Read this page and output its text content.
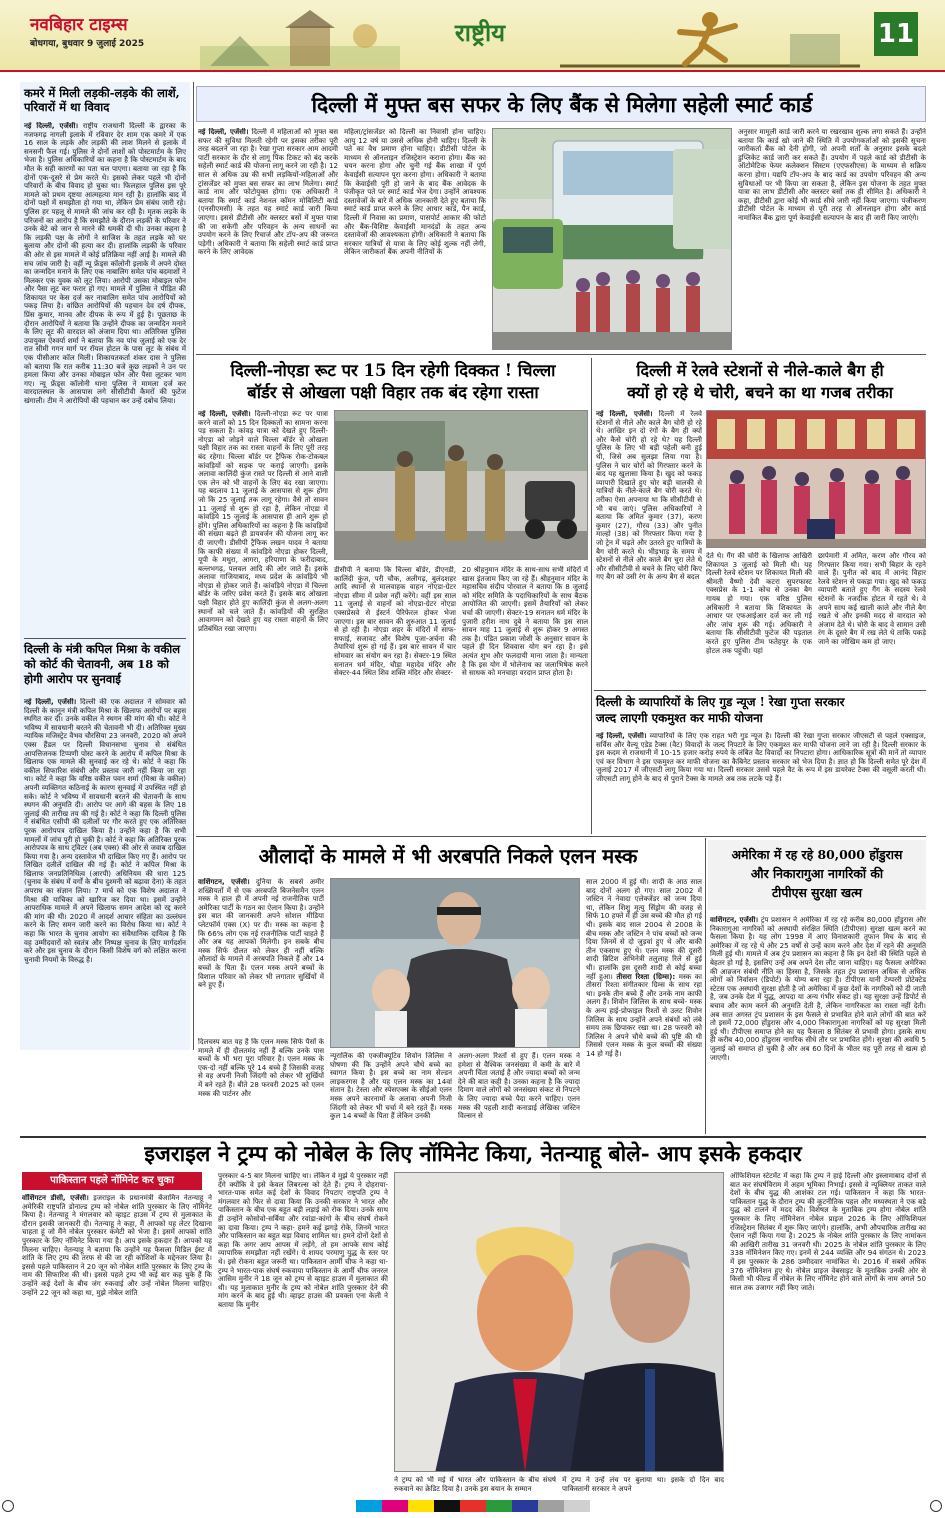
नवबिहार टाइम्स
बोधगया, बुधवार 9 जुलाई 2025	राष्ट्रीय	11
कमरे में मिली लड़की-लड़के की लाशें, परिवारों में था विवाद
नई दिल्ली, एजेंसी। राष्ट्रीय राजधानी दिल्ली के द्वारका के नजफगढ़ नागली इलाके में रविवार देर शाम एक कमरे में एक 16 साल के लड़के और लड़की की लाश मिलने से इलाके में सनसनी फैल गई। पुलिस ने दोनों लाशों को पोस्टमार्टम के लिए भेजा है। पुलिस अधिकारियों का कहना है कि पोस्टमार्टम के बाद मौत के सही कारणों का पता चल पाएगा। बताया जा रहा है कि दोनों एक-दूसरे से प्रेम करते थे। इसको लेकर पहले भी दोनों परिवारों के बीच विवाद हो चुका था। फिलहाल पुलिस इस पूरे मामले को प्रथम दृष्टया आत्महत्या मान रही है। हालांकि बाद में दोनों पक्षों में समझौता हो गया था, लेकिन प्रेम संबंध जारी रहे। पुलिस हर पहलू से मामले की जांच कर रही है। मृतक लड़के के परिजनों का आरोप है कि समझौते के दौरान लड़की के परिवार ने उनके बेटे को जान से मारने की धमकी दी थी। उनका कहना है कि लड़की पक्ष के लोगों ने साजिश के तहत लड़के को घर बुलाया और दोनों की हत्या कर दी। हालांकि लड़की के परिवार की ओर से इस मामले में कोई प्रतिक्रिया नहीं आई है। मामले की सच जांच जारी है। वहीं न्यू फ्रेंड्स कॉलोनी इलाके में अपने दोस्त का जन्मदिन मनाने के लिए एक नाबालिग समेत पांच बदमाशों ने मिलकर एक युवक को लूट लिया। आरोपी उसका मोबाइल फोन और पैसा लूट कर फरार हो गए। मामले में पुलिस ने पीड़ित की शिकायत पर केस दर्ज कर नाबालिग समेत पांच आरोपियों को पकड़ लिया है। वांछित आरोपियों की पहचान देव दर्ष दीपक, प्रिंस कुमार, मानव और दीपक के रूप में हुई है। पूछताछ के दौरान आरोपियों ने बताया कि उन्होंने दीपक का जन्मदिन मनाने के लिए लूट की वारदात को अंजाम दिया था। अतिरिक्त पुलिस उपायुक्त ऐश्वर्या शर्मा ने बताया कि नव पांच जुलाई को एक देर रात सीमी गगन मार्ग पर रॉयल होटल के पास लूट के संबंध में एक पीसीआर कॉल मिली। शिकायतकर्ता शंकर दास ने पुलिस को बताया कि रात करीब 11:30 बजे कुछ लड़कों ने उन पर हमला किया और उनका मोबाइल फोन और पैसा लूटकर भाग गए। न्यू फ्रेंड्स कॉलोनी थाना पुलिस ने मामला दर्ज कर वारदातस्थल के आसपास लगे सीसीटीवी कैमरों की फुटेज खंगाली। टीम ने आरोपियों की पहचान कर उन्हें दबोच लिया।
दिल्ली के मंत्री कपिल मिश्रा के वकील को कोर्ट की चेतावनी, अब 18 को होगी आरोप पर सुनवाई
नई दिल्ली, एजेंसी। दिल्ली की एक अदालत ने सोमवार को दिल्ली के कानून मंत्री कपिल मिश्रा के खिलाफ आरोपों पर बहस स्थगित कर दी। उनके वकील ने स्थगन की मांग की थी। कोर्ट ने भविष्य में सावधानी बरतने की चेतावनी भी दी। अतिरिक्त मुख्य न्यायिक मजिस्ट्रेट वैभव चौरसिया 23 जनवरी, 2020 को अपने एक्स हैंडल पर दिल्ली विधानसभा चुनाव से संबंधित आपत्तिजनक टिप्पणी पोस्ट करने के आरोप में कपिल मिश्रा के खिलाफ एक मामले की सुनवाई कर रहे थे। कोर्ट ने कहा कि वकील सिफारिश संबंधी और प्रस्ताव जारी नहीं किया जा रहा था। कोर्ट ने कहा कि वरिष्ठ वकील पवन शर्मा (मिश्रा के वकील) अपनी व्यक्तिगत कठिनाई के कारण सुनवाई में उपस्थित नहीं हो सके। कोर्ट ने भविष्य में सावधानी बरतने की चेतावनी के साथ स्थगन की अनुमति दी। आरोप पर आगे की बहस के लिए 18 जुलाई की तारीख तय की गई है। कोर्ट ने कहा कि दिल्ली पुलिस ने संबंधित एसीपी की दलीलों पर गौर करते हुए एक अतिरिक्त पूरक आरोपपत्र दाखिल किया है। उन्होंने कहा है कि सभी मामलों में जांच पूरी हो चुकी है। कोर्ट ने कहा कि अतिरिक्त पूरक आरोपपत्र के साथ ट्विटर (अब एक्स) की ओर से जवाब दाखिल किया गया है। अन्य दस्तावेज भी दाखिल किए गए हैं। आरोप पर लिखित दलीलें दाखिल की गई हैं। कोर्ट ने कपिल मिश्रा के खिलाफ जनप्रतिनिधित्व (आरपी) अधिनियम की धारा 125 (चुनाव के संबंध में वर्गों के बीच दुश्मनी को बढ़ावा देना) के तहत अपराध का संज्ञान लिया। 7 मार्च को एक विशेष अदालत ने मिश्रा की याचिका को खारिज कर दिया था। इसमें उन्होंने आपराधिक मामले में अपने खिलाफ समन आदेश को रद्द करने की मांग की थी। 2020 में आदर्श आचार संहिता का उल्लंघन करने के लिए समन जारी करने का विरोध किया था। कोर्ट ने कहा कि भारत के चुनाव आयोग का संवैधानिक दायित्व है कि वह उम्मीदवारों को स्वतंत्र और निष्पक्ष चुनाव के लिए मार्गदर्शन करे और इस चुनाव के दौरान किसी विशेष वर्ग को लक्षित करना चुनावी नियमों के विरुद्ध है।
दिल्ली में मुफ्त बस सफर के लिए बैंक से मिलेगा सहेली स्मार्ट कार्ड
नई दिल्ली, एजेंसी। दिल्ली में महिलाओं को मुफ्त बस सफर की सुविधा मिलती रहेगी पर इसका तरीका पूरी तरह बदलने जा रहा है। रेखा गुप्ता सरकार आम आदमी पार्टी सरकार के दौर से लागू पिंक टिकट को बंद करके सहेली स्मार्ट कार्ड की योजना लागू करने जा रही है। 12 साल से अधिक उम्र की सभी लड़कियों-महिलाओं और ट्रांसजेंडर को मुफ्त बस सफर का लाभ मिलेगा। स्मार्ट कार्ड नाम और फोटोयुक्त होगा। एक अधिकारी ने बताया कि स्मार्ट कार्ड नेशनल कॉमन मोबिलिटी कार्ड (एनसीएमसी) के तहत यह स्मार्ट कार्ड जारी किया जाएगा। इससे डीटीसी और क्लस्टर बसों में मुफ्त यात्रा की जा सकेगी और परिवहन के अन्य साधनों का उपयोग करने के लिए रिचार्ज और टॉप-अप की जरूरत पड़ेगी। अधिकारी ने बताया कि सहेली स्मार्ट कार्ड प्राप्त करने के लिए आवेदक
महिला/ट्रांसजेंडर को दिल्ली का निवासी होना चाहिए। आयु 12 वर्ष या उससे अधिक होनी चाहिए। दिल्ली के पते का वैध प्रमाण होना चाहिए। डीटीसी पोर्टल के माध्यम से ऑनलाइन रजिस्ट्रेशन कराना होगा। बैंक का चयन करना होगा और चुनी गई बैंक शाखा में पूर्ण केवाईसी सत्यापन पूरा करना होगा। अधिकारी ने बताया कि केवाईसी पूरी हो जाने के बाद बैंक आवेदक के पंजीकृत पते पर स्मार्ट कार्ड भेज देगा। उन्होंने आवश्यक दस्तावेजों के बारे में अधिक जानकारी देते हुए बताया कि स्मार्ट कार्ड प्राप्त करने के लिए आधार कार्ड, पैन कार्ड, दिल्ली में निवास का प्रमाण, पासपोर्ट आकार की फोटो और बैंक-विशिष्ट केवाईसी मानदंडों के तहत अन्य दस्तावेजों की आवश्यकता होगी। अधिकारी ने बताया कि सरकार यात्रियों से यात्रा के लिए कोई शुल्क नहीं लेगी, लेकिन जारीकर्ता बैंक अपनी नीतियों के
अनुसार मामूली कार्ड जारी करने या रखरखाव शुल्क लगा सकते हैं। उन्होंने बताया कि कार्ड खो जाने की स्थिति में उपयोगकर्ताओं को इसकी सूचना जारीकर्ता बैंक को देनी होगी, जो अपनी शर्तों के अनुसार इसके बदले डुप्लिकेट कार्ड जारी कर सकते हैं। उपयोग में पहले कार्ड को डीटीसी के ऑटोमेटिक फेयर कलेक्शन सिस्टम (एएफसीएस) के माध्यम से सक्रिय करना होगा। यद्यपि टॉप-अप के बाद कार्ड का उपयोग परिवहन की अन्य सुविधाओं पर भी किया जा सकता है, लेकिन इस योजना के तहत मुफ्त यात्रा का लाभ डीटीसी और क्लस्टर बसों तक ही सीमित है। अधिकारी ने कहा, डीटीसी द्वारा कोई भी कार्ड सीधे जारी नहीं किया जाएगा। पंजीकरण डीटीसी पोर्टल के माध्यम से पूरी तरह से ऑनलाइन होगा और कार्ड नामांकित बैंक द्वारा पूर्ण केवाईसी सत्यापन के बाद ही जारी किए जाएंगे।
दिल्ली-नोएडा रूट पर 15 दिन रहेगी दिक्कत ! चिल्ला
बॉर्डर से ओखला पक्षी विहार तक बंद रहेगा रास्ता
नई दिल्ली, एजेंसी। दिल्ली-नोएडा रूट पर यात्रा करने वालों को 15 दिन दिक्कतों का सामना करना पड़ सकता है। कांवड़ यात्रा को देखते हुए दिल्ली-नोएडा को जोड़ने वाले चिल्ला बॉर्डर से ओखला पक्षी विहार तक का रास्ता वाहनों के लिए पूरी तरह बंद रहेगा। चिल्ला बॉर्डर पर ट्रैफिक रोक-टोकबल कांवड़ियों को सड़क पर कराई जाएगी। इसके अलावा कालिंदी कुंज रास्ते पर दिल्ली से आने वाली एक लेन को भी वाहनों के लिए बंद रखा जाएगा। यह बदलाव 11 जुलाई के आसपास से शुरू होगा जो कि 25 जुलाई तक लागू रहेगा। वैसे तो सावन 11 जुलाई से शुरू हो रहा है, लेकिन नोएडा में कांवड़िये 15 जुलाई के आसपास ही आने शुरू हो होंगे। पुलिस अधिकारियों का कहना है कि कांवड़ियों की संख्या बढ़ते ही डायवर्जन की योजना लागू कर दी जाएगी। डीसीपी ट्रैफिक लखन यादव ने बताया कि काफी संख्या में कांवड़िये नोएडा होकर दिल्ली, यूपी के मथुरा, आगरा, हरियाणा के फरीदाबाद, बल्लभगढ़, पलवल आदि की ओर जाते हैं। इसके अलावा गाजियाबाद, मध्य प्रदेश के कांवड़िये भी नोएडा से होकर जाते हैं। कांवड़िये नोएडा में चिल्ला बॉर्डर के जरिए प्रवेश करते हैं। इसके बाद ओखला पक्षी विहार होते हुए कालिंदी कुंज से अलग-अलग स्थानों को चले जाते हैं। कांवड़ियों की सुरक्षित आवागमन को देखते हुए यह रास्ता वाहनों के लिए प्रतिबंधित रखा जाएगा।
डीसीपी ने बताया कि चिल्ला बॉर्डर, डीएनडी, कालिंदी कुंज, परी चौक, अलीगढ़, बुलंदशहर आदि स्थानों से मालवाहक वाहन नोएडा-ग्रेटर नोएडा सीमा में प्रवेश नहीं करेंगे। वहीं इस साल 11 जुलाई से वाहनों को नोएडा-ग्रेटर नोएडा एक्सप्रेसवे से ईस्टर्न पेरिफेरल होकर भेजा जाएगा। इस बार सावन की शुरुआत 11 जुलाई से हो रही है। नोएडा शहर के मंदिरों में साफ-सफाई, सजावट और विशेष पूजा-अर्चना की तैयारियां शुरू हो गई हैं। इस बार सावन में चार सोमवार का संयोग बन रहा है। सेक्टर-19 स्थित सनातन धर्म मंदिर, चौड़ा महादेव मंदिर और सेक्टर-44 स्थित शिव शक्ति मंदिर और सेक्टर-
20 श्रीहनुमान मंदिर के साथ-साथ सभी मंदिरों में खास इंतजाम किए जा रहे हैं। श्रीहनुमान मंदिर के महासचिव संदीप पोरवाल ने बताया कि 8 जुलाई को मंदिर समिति के पदाधिकारियों के साथ बैठक आयोजित की जाएगी। इसमें तैयारियों को लेकर चर्चा की जाएगी। सेक्टर-19 सनातन धर्म मंदिर के पुजारी हरीश नाथ दुबे ने बताया कि इस साल सावन माह 11 जुलाई से शुरू होकर 9 अगस्त तक है। पंडित प्रकाश जोशी के अनुसार सावन के पहले ही दिन शिववास योग बन रहा है। इसे अत्यंत शुभ और फलदायी माना जाता है। मान्यता है कि इस योग में भोलेनाथ का जलाभिषेक करने से साधक को मनचाहा वरदान प्राप्त होता है।
दिल्ली में रेलवे स्टेशनों से नीले-काले बैग ही
क्यों हो रहे थे चोरी, बचने का था गजब तरीका
नई दिल्ली, एजेंसी। दिल्ली में रेलवे स्टेशनों से नीले और काले बैग चोरी हो रहे थे। आखिर इन दो रंगों के बैग ही क्यों और कैसे चोरी हो रहे थे? यह दिल्ली पुलिस के लिए भी बड़ी पहेली बनी हुई थी, जिसे अब सुलझा लिया गया है। पुलिस ने चार चोरों को गिरफ्तार करने के बाद यह खुलासा किया है। खुद को फकड़ व्यापारी दिखाते हुए चोर बड़ी चालकी से यात्रियों के नीले-काले बैग चोरी करते थे। तरीका ऐसा अपनाया था कि सीसीटीवी से भी बच जाएं। पुलिस अधिकारियों ने बताया कि अमित कुमार (37), करण कुमार (27), गौरव (33) और पुनीत माल्हो (38) को गिरफ्तार किया गया है जो ट्रेन में चढ़ते और उतरते हुए यात्रियों के बैग चोरी करते थे। भीड़भाड़ के समय में स्टेशनों से नीले और काले बैग चुरा लेते थे और सीसीटीवी से बचने के लिए चोरी किए गए बैग को उसी रंग के अन्य बैग से बदल
देते थे। गैंग की चोरी के खिलाफ आखिरी शिकायत 3 जुलाई को मिली थी। यह दिल्ली रेलवे स्टेशन पर शिकायत मिली की श्रीमती वैष्णो देवी कटरा सुपरफास्ट एक्सप्रेस के 1-1 कोच से उनका बैग गायब हो गया। एक वरिष्ठ पुलिस अधिकारी ने बताया कि शिकायत के आधार पर एफआईआर दर्ज कर ली गई और जांच शुरू की गई। अधिकारी ने बताया कि सीसीटीवी फुटेज की पड़ताल करते हुए पुलिस टीम फतेहपुर के एक होटल तक पहुंची। यहां
छापेमारी में अमित, करण और गौरव को गिरफ्तार किया गया। सभी बिहार के रहने वाले हैं। पुनीत को बाद में आनंद विहार रेलवे स्टेशन से पकड़ा गया। खुद को फकड़ व्यापारी बताते हुए गैंग के सदस्य रेलवे स्टेशनों के नजदीक होटल में रहते थे। वे अपने साथ कई खाली काले और नीले बैग रखते थे और इनकी मदद से वारदात को अंजाम देते थे। चोरी के बाद वे सामान उसी रंग के दूसरे बैग में रख लेते थे ताकि पकड़े जाने का जोखिम कम हो जाए।
दिल्ली के व्यापारियों के लिए गुड न्यूज ! रेखा गुप्ता सरकार
जल्द लाएगी एकमुश्त कर माफी योजना
नई दिल्ली, एजेंसी। व्यापारियों के लिए एक राहत भरी गुड न्यूज है। दिल्ली की रेखा गुप्ता सरकार जीएसटी से पहले एक्साइज, सर्विस और वैल्यू एडेड टैक्स (वैट) विवादों के जल्द निपटारे के लिए एकमुश्त कर माफी योजना लाने जा रही है। दिल्ली सरकार के इस कदम से राजधानी में 10-15 हजार करोड़ रुपये के लंबित वैट विवादों का निपटारा होगा। आधिकारिक सूत्रों की मानें तो व्यापार एवं कर विभाग ने इस एकमुश्त कर माफी योजना का कैबिनेट प्रस्ताव सरकार को भेज दिया है। ज्ञात हो कि दिल्ली समेत पूरे देश में जुलाई 2017 में जीएसटी लागू किया गया था। दिल्ली सरकार उससे पहले वैट के रूप में इस डायरेक्ट टैक्स की वसूली करती थी। जीएसटी लागू होने के बाद से पुराने टैक्स के मामले अब तक लटके पड़े हैं।
औलादों के मामले में भी अरबपति निकले एलन मस्क
वाशिंगटन, एजेंसी। दुनिया के सबसे अमीर शख्सियतों में से एक अरबपति बिजनेसमैन एलन मस्क ने हाल ही में अपनी नई राजनीतिक पार्टी अमेरिका पार्टी के गठन का ऐलान किया है। उन्होंने इस बात की जानकारी अपने सोशल मीडिया प्लेटफॉर्म एक्स (X) पर दी। मस्क का कहना है कि 66% लोग एक नई राजनीतिक पार्टी चाहते हैं और अब यह आपको मिलेगी। इन सबके बीच मस्क सिर्फ दौलत को लेकर ही नहीं बल्कि औलादों के मामले में अरबपति निकले हैं और 14 बच्चों के पिता हैं। एलन मस्क अपने बच्चों के विशाल परिवार को लेकर भी लगातार सुर्खियों में बने हुए हैं।
दिलचस्प बात यह है कि एलन मस्क सिर्फ पैसों के मामले में ही दौलतमंद नहीं हैं बल्कि उनके पास बच्चों के भी भरा पूरा परिवार है। एलन मस्क के एक-दो नहीं बल्कि पूरे 14 बच्चे हैं जिसकी वजह से वह अपनी निजी जिंदगी को लेकर भी सुर्खियों में बने रहते हैं। बीते 28 फरवरी 2025 को एलन मस्क की पार्टनर और
न्यूरालिंक की एक्जीक्यूटिव शिवोन जिलिस ने घोषणा की कि उन्होंने अपने चौथे बच्चे का स्वागत किया है। इस बच्चे का नाम सेल्डन लाइकरगस है और यह एलन मस्क का 14वां संतान है। टेस्ला और स्पेसएक्स के सीईओ एलन मस्क अपने कारनामों के अलावा अपनी निजी जिंदगी को लेकर भी चर्चा में बने रहते हैं। मस्क कुल 14 बच्चों के पिता हैं लेकिन उनकी
अलग-अलग रिश्तों से हुए हैं। एलन मस्क ने हमेशा से वैश्विक जनसंख्या में कमी के बारे में अपनी चिंता जताई है और ज्यादा बच्चों को जन्म देने की बात कही है। उनका कहना है कि ज्यादा दिमाग वाले लोगों को जनसंख्या संकट से निपटने के लिए ज्यादा बच्चे पैदा करने चाहिए। एलन मस्क की पहली शादी कनाडाई लेखिका जस्टिन विल्सन से
साल 2000 में हुई थी। शादी के आठ साल बाद दोनों अलग हो गए। साल 2002 में जस्टिन ने नेवादा एलेक्जेंडर को जन्म दिया था, लेकिन शिशु मृत्यु सिंड्रोम की वजह से सिर्फ 10 हफ्ते में ही उस बच्चे की मौत हो गई थी। इसके बाद साल 2004 से 2008 के बीच मस्क और जस्टिन ने पांच बच्चों को जन्म दिया जिनमें से दो जुड़वां हुए थे और बाकी तीन एकसाथ हुए थे। एलन मस्क की दूसरी शादी ब्रिटिश अभिनेत्री तलुलाह रिले से हुई थी। हालांकि इस दूसरी शादी से कोई बच्चा नहीं हुआ। तीसरा रिश्ता (ग्रिम्स): मस्क का तीसरा रिश्ता संगीतकार ग्रिम्स के साथ रहा था। इनके तीन बच्चे हैं और उनके नाम काफी अलग हैं। शिवोन जिलिस के साथ बच्चे- मस्क के अन्य हाई-प्रोफाइल रिश्तों से उलट शिवोन जिलिस के साथ उन्होंने अपने संबंधों को लंबे समय तक छिपाकर रखा था। 28 फरवरी को जिलिस ने अपने चौथे बच्चे की पुष्टि की थी जिससे एलन मस्क के कुल बच्चों की संख्या 14 हो गई है।
अमेरिका में रह रहे 80,000 होंडुरास
और निकारागुआ नागरिकों की
टीपीएस सुरक्षा खत्म
वाशिंगटन, एजेंसी। ट्रंप प्रशासन ने अमेरिका में रह रहे करीब 80,000 होंडुरास और निकारागुआ नागरिकों को अस्थायी संरक्षित स्थिति (टीपीएस) सुरक्षा खत्म करने का फैसला किया है। यह लोग 1998 में आए विनाशकारी तूफान मिच के बाद से अमेरिका में रह रहे थे और 25 वर्षों से उन्हें काम करने और देश में रहने की अनुमति मिली हुई थी। मामले में अब ट्रंप प्रशासन का कहना है कि इन देशों की स्थिति पहले से बेहतर हो गई है, इसलिए उन्हें अब अपने देश लौट जाना चाहिए। यह फैसला अमेरिका की आव्रजन संबंधी नीति का हिस्सा है, जिसके तहत ट्रंप प्रशासन अधिक से अधिक लोगों को निर्वासन (डिपोर्ट) के योग्य बना रहा है। टीपीएस यानी टेम्पररी प्रोटेक्टेड स्टेटस एक अस्थायी सुरक्षा होती है जो अमेरिका में कुछ देशों के नागरिकों को दी जाती है, जब उनके देश में युद्ध, आपदा या अन्य गंभीर संकट हो। यह सुरक्षा उन्हें डिपोर्ट से बचाव और काम करने की अनुमति देती है, लेकिन नागरिकता का रास्ता नहीं देती। अब सात अगस्त ट्रंप प्रशासन के इस फैसले से प्रभावित होने वाले लोगों की बात करें तो इसमें 72,000 होंडुरास और 4,000 निकारागुआ नागरिकों को यह सुरक्षा मिली हुई थी। टीपीएस समाप्त होने का यह फैसला 8 सितंबर से प्रभावी होगा। इसके साथ ही करीब 40,000 होंडुरास नागरिक सीधे तौर पर प्रभावित होंगे। सुरक्षा की अवधि 5 जुलाई को समाप्त हो चुकी है और अब 60 दिनों के भीतर यह पूरी तरह से खत्म हो जाएगी।
इजराइल ने ट्रम्प को नोबेल के लिए नॉमिनेट किया, नेतन्याहू बोले- आप इसके हकदार
पाकिस्तान पहले नॉमिनेट कर चुका
वॉशिंगटन डीसी, एजेंसी। इजराइल के प्रधानमंत्री बेंजामिन नेतन्याहू ने अमेरिकी राष्ट्रपति डोनाल्ड ट्रम्प को नोबेल शांति पुरस्कार के लिए नॉमिनेट किया है। नेतन्याहू ने मंगलवार को व्हाइट हाउस में ट्रम्प से मुलाकात के दौरान इसकी जानकारी दी। नेतन्याहू ने कहा, मैं आपको यह लेटर दिखाना चाहता हूं जो मैंने नोबेल पुरस्कार कमेटी को भेजा है। इसमें आपको शांति पुरस्कार के लिए नॉमिनेट किया गया है। आप इसके हकदार हैं। आपको यह मिलना चाहिए। नेतन्याहू ने बताया कि उन्होंने यह फैसला मिडिल ईस्ट में शांति के लिए ट्रम्प की तरफ से की जा रही कोशिशों के मद्देनजर लिया है। इससे पहले पाकिस्तान ने 20 जून को नोबेल शांति पुरस्कार के लिए ट्रम्प के नाम की सिफारिश की थी। इससे पहले ट्रम्प भी कई बार कह चुके हैं कि उन्होंने कई देशों के बीच जंग रुकवाई और उन्हें नोबेल मिलना चाहिए। उन्होंने 22 जून को कहा था, मुझे नोबेल शांति
पुरस्कार 4-5 बार मिलना चाहिए था। लेकिन वे मुझे ये पुरस्कार नहीं देंगे क्योंकि वे इसे केवल लिबरल्स को देते हैं। ट्रम्प ने दोहराया- भारत-पाक समेत कई देशों के विवाद निपटाए राष्ट्रपति ट्रम्प ने मंगलवार को फिर से दावा किया कि उनकी सरकार ने भारत और पाकिस्तान के बीच एक बहुत बड़ी लड़ाई को रोक दिया। उनके साथ ही उन्होंने कोसोवो-सर्बिया और रवांडा-कांगो के बीच संघर्ष रोकने का दावा किया। ट्रम्प ने कहा- हमने कई झगड़े रोके, जिनमें भारत और पाकिस्तान का बहुत बड़ा विवाद शामिल था। हमने दोनों देशों से कहा कि अगर आप आपस में लड़ेंगे, तो हम आपके साथ कोई व्यापारिक समझौता नहीं रखेंगे। ये शायद परमाणु युद्ध के स्तर पर थे। इसे रोकना बहुत जरूरी था। पाकिस्तान आर्मी चीफ ने कहा था- ट्रम्प ने भारत-पाक संघर्ष रुकवाया पाकिस्तान के आर्मी चीफ जनरल आसिम मुनीर ने 18 जून को ट्रम्प से व्हाइट हाउस में मुलाकात की थी। यह मुलाकात मुनीर के ट्रम्प को नोबेल शांति पुरस्कार देने की मांग करने के बाद हुई थी। व्हाइट हाउस की प्रवक्ता एना केली ने बताया कि मुनीर
ने ट्रम्प को भी मई में भारत और पाकिस्तान के बीच संघर्ष रुकवाने का क्रेडिट दिया है। उनके इस बयान के सम्मान
में ट्रम्प ने उन्हें लंच पर बुलाया था। इसके दो दिन बाद पाकिस्तानी सरकार ने अपने
ऑफिशियल स्टेटमेंट में कहा कि ट्रम्प ने हाई दिल्ली और इस्लामाबाद दोनों से बात कर संघर्षविराम में अहम भूमिका निभाई। इससे वे न्यूक्लियर ताकत वाले देशों के बीच युद्ध की आशंका टल गई। पाकिस्तान ने कहा कि भारत-पाकिस्तान युद्ध के दौरान ट्रम्प की कूटनीतिक पहल और मध्यस्थता ने एक बड़े युद्ध को टालने में मदद की। विशेषज्ञ के मुताबिक ट्रम्प होगा नोबेल शांति पुरस्कार के लिए नॉमिनेशन नोबेल प्राइज 2026 के लिए ऑफिशियल रजिस्ट्रेशन सितंबर में शुरू किए जाएंगे। हालांकि, अभी औपचारिक तारीख का ऐलान नहीं किया गया है। 2025 के नोबेल शांति पुरस्कार के लिए नामांकन की आखिरी तारीख 31 जनवरी थी। 2025 के नोबेल शांति पुरस्कार के लिए 338 नॉमिनेशन किए गए। इनमें से 244 व्यक्ति और 94 संगठन थे। 2023 में इस पुरस्कार के 286 उम्मीदवार नामांकित थे। 2016 में सबसे अधिक 376 नॉमिनेशन हुए थे। नोबेल प्राइज वेबसाइट के मुताबिक उनकी ओर से किसी भी फील्ड में नोबेल के लिए नॉमिनेट होने वाले लोगों के नाम अगले 50 साल तक उजागर नहीं किए जाते।
